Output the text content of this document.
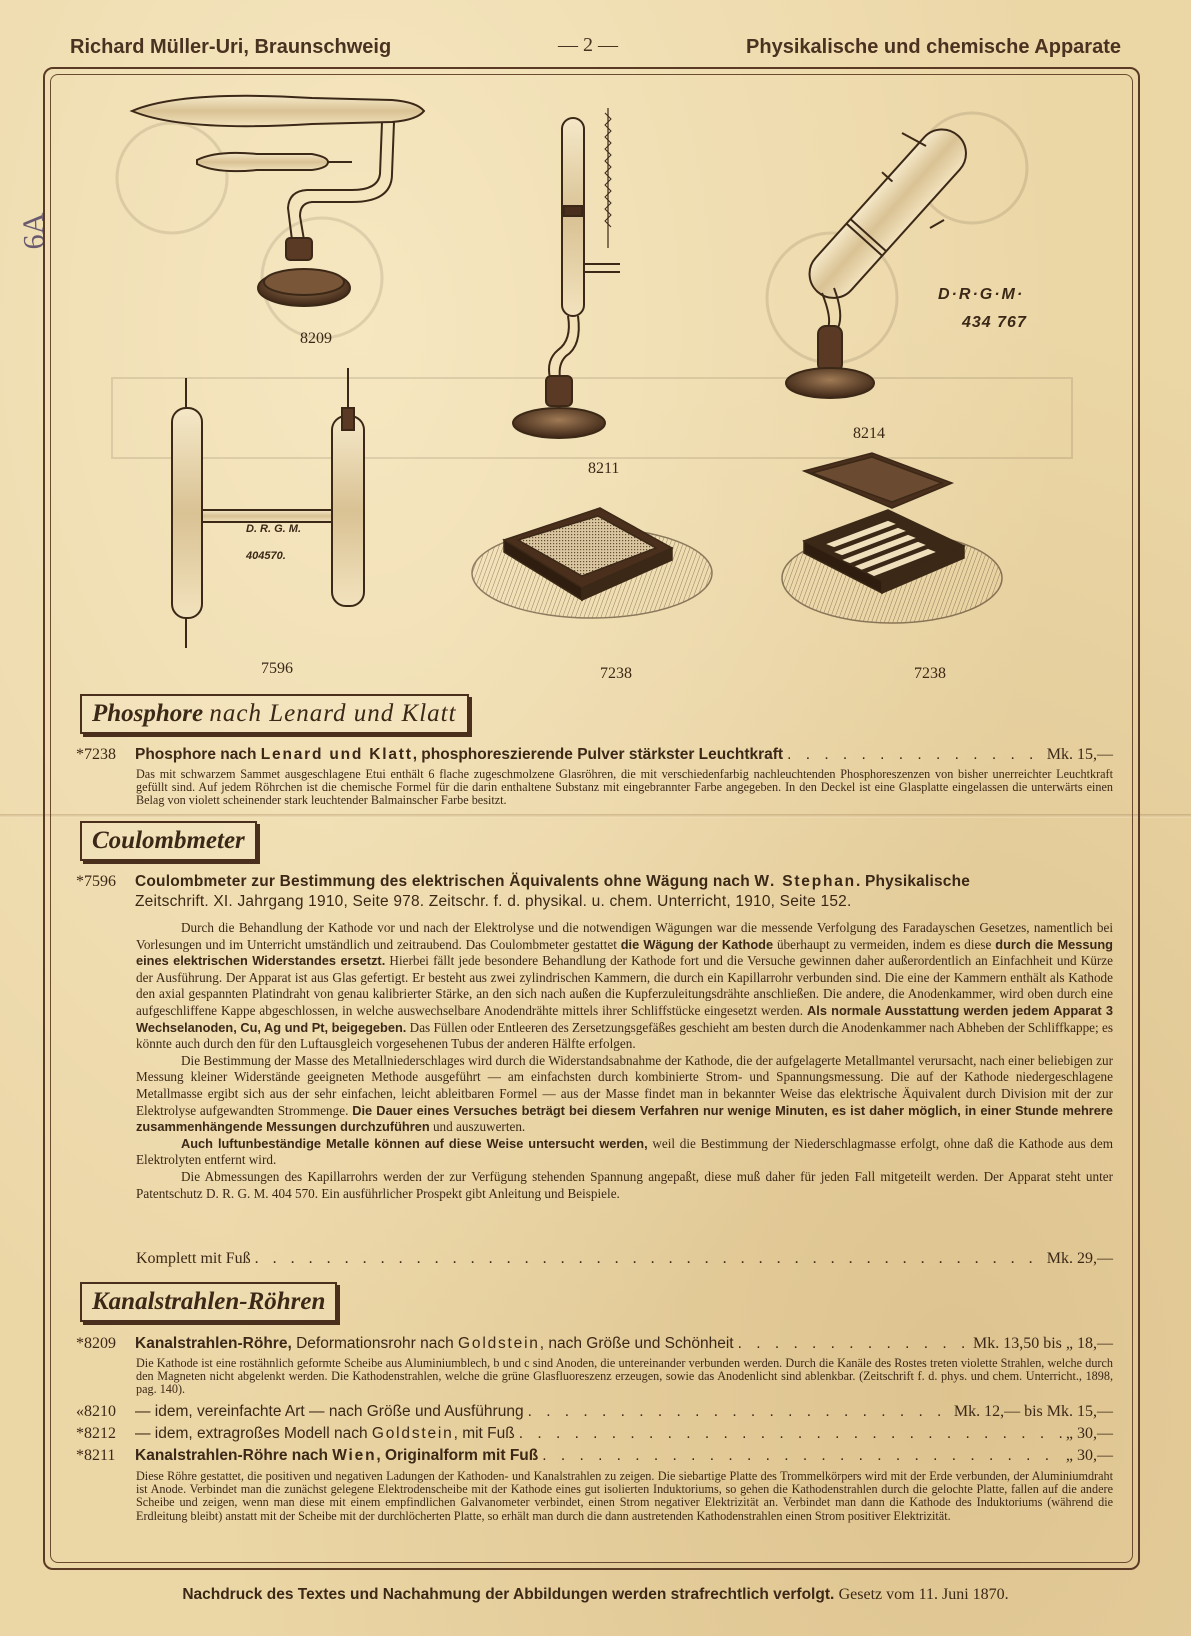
Richard Müller-Uri, Braunschweig	— 2 —	Physikalische und chemische Apparate
6A
8209
8211
8214
7596	7238	7238
D·R·G·M·
434 767
D. R. G. M.
404570.
Phosphore nach Lenard und Klatt
*7238 Phosphore nach Lenard und Klatt, phosphoreszierende Pulver stärkster Leuchtkraft . . .	Mk. 15,—
Das mit schwarzem Sammet ausgeschlagene Etui enthält 6 flache zugeschmolzene Glasröhren, die mit verschiedenfarbig nachleuchtenden Phosphoreszenzen von bisher unerreichter Leuchtkraft gefüllt sind. Auf jedem Röhrchen ist die chemische Formel für die darin enthaltene Substanz mit eingebrannter Farbe angegeben. In den Deckel ist eine Glasplatte eingelassen die unterwärts einen Belag von violett scheinender stark leuchtender Balmainscher Farbe besitzt.
Coulombmeter
*7596 Coulombmeter zur Bestimmung des elektrischen Äquivalents ohne Wägung nach W. Stephan. Physikalische
Zeitschrift. XI. Jahrgang 1910, Seite 978. Zeitschr. f. d. physikal. u. chem. Unterricht, 1910, Seite 152.

Durch die Behandlung der Kathode vor und nach der Elektrolyse und die notwendigen Wägungen war die messende Verfolgung des Faradayschen Gesetzes, namentlich bei Vorlesungen und im Unterricht umständlich und zeitraubend. Das Coulombmeter gestattet die Wägung der Kathode überhaupt zu vermeiden, indem es diese durch die Messung eines elektrischen Widerstandes ersetzt. Hierbei fällt jede besondere Behandlung der Kathode fort und die Versuche gewinnen daher außerordentlich an Einfachheit und Kürze der Ausführung. Der Apparat ist aus Glas gefertigt. Er besteht aus zwei zylindrischen Kammern, die durch ein Kapillarrohr verbunden sind. Die eine der Kammern enthält als Kathode den axial gespannten Platindraht von genau kalibrierter Stärke, an den sich nach außen die Kupferzuleitungsdrähte anschließen. Die andere, die Anodenkammer, wird oben durch eine aufgeschliffene Kappe abgeschlossen, in welche auswechselbare Anodendrähte mittels ihrer Schliffstücke eingesetzt werden. Als normale Ausstattung werden jedem Apparat 3 Wechselanoden, Cu, Ag und Pt, beigegeben. Das Füllen oder Entleeren des Zersetzungsgefäßes geschieht am besten durch die Anodenkammer nach Abheben der Schliffkappe; es könnte auch durch den für den Luftausgleich vorgesehenen Tubus der anderen Hälfte erfolgen.

Die Bestimmung der Masse des Metallniederschlages wird durch die Widerstandsabnahme der Kathode, die der aufgelagerte Metallmantel verursacht, nach einer beliebigen zur Messung kleiner Widerstände geeigneten Methode ausgeführt — am einfachsten durch kombinierte Strom- und Spannungsmessung. Die auf der Kathode niedergeschlagene Metallmasse ergibt sich aus der sehr einfachen, leicht ableitbaren Formel — aus der Masse findet man in bekannter Weise das elektrische Äquivalent durch Division mit der zur Elektrolyse aufgewandten Strommenge. Die Dauer eines Versuches beträgt bei diesem Verfahren nur wenige Minuten, es ist daher möglich, in einer Stunde mehrere zusammenhängende Messungen durchzuführen und auszuwerten.

Auch luftunbeständige Metalle können auf diese Weise untersucht werden, weil die Bestimmung der Niederschlagmasse erfolgt, ohne daß die Kathode aus dem Elektrolyten entfernt wird.

Die Abmessungen des Kapillarrohrs werden der zur Verfügung stehenden Spannung angepaßt, diese muß daher für jeden Fall mitgeteilt werden. Der Apparat steht unter Patentschutz D. R. G. M. 404 570. Ein ausführlicher Prospekt gibt Anleitung und Beispiele.

Komplett mit Fuß . . .	Mk. 29,—
Kanalstrahlen-Röhren
*8209 Kanalstrahlen-Röhre, Deformationsrohr nach Goldstein, nach Größe und Schönheit . . .	Mk. 13,50 bis „ 18,—
Die Kathode ist eine rostähnlich geformte Scheibe aus Aluminiumblech, b und c sind Anoden, die untereinander verbunden werden. Durch die Kanäle des Rostes treten violette Strahlen, welche durch den Magneten nicht abgelenkt werden. Die Kathodenstrahlen, welche die grüne Glasfluoreszenz erzeugen, sowie das Anodenlicht sind ablenkbar. (Zeitschrift f. d. phys. und chem. Unterricht., 1898, pag. 140).
«8210 — idem, vereinfachte Art — nach Größe und Ausführung . . .	Mk. 12,— bis Mk. 15,—
*8212 — idem, extragroßes Modell nach Goldstein, mit Fuß . . .	„ 30,—
*8211 Kanalstrahlen-Röhre nach Wien, Originalform mit Fuß . . .	„ 30,—
Diese Röhre gestattet, die positiven und negativen Ladungen der Kathoden- und Kanalstrahlen zu zeigen. Die siebartige Platte des Trommelkörpers wird mit der Erde verbunden, der Aluminiumdraht ist Anode. Verbindet man die zunächst gelegene Elektrodenscheibe mit der Kathode eines gut isolierten Induktoriums, so gehen die Kathodenstrahlen durch die gelochte Platte, fallen auf die andere Scheibe und zeigen, wenn man diese mit einem empfindlichen Galvanometer verbindet, einen Strom negativer Elektrizität an. Verbindet man dann die Kathode des Induktoriums (während die Erdleitung bleibt) anstatt mit der Scheibe mit der durchlöcherten Platte, so erhält man durch die dann austretenden Kathodenstrahlen einen Strom positiver Elektrizität.
Nachdruck des Textes und Nachahmung der Abbildungen werden strafrechtlich verfolgt. Gesetz vom 11. Juni 1870.
